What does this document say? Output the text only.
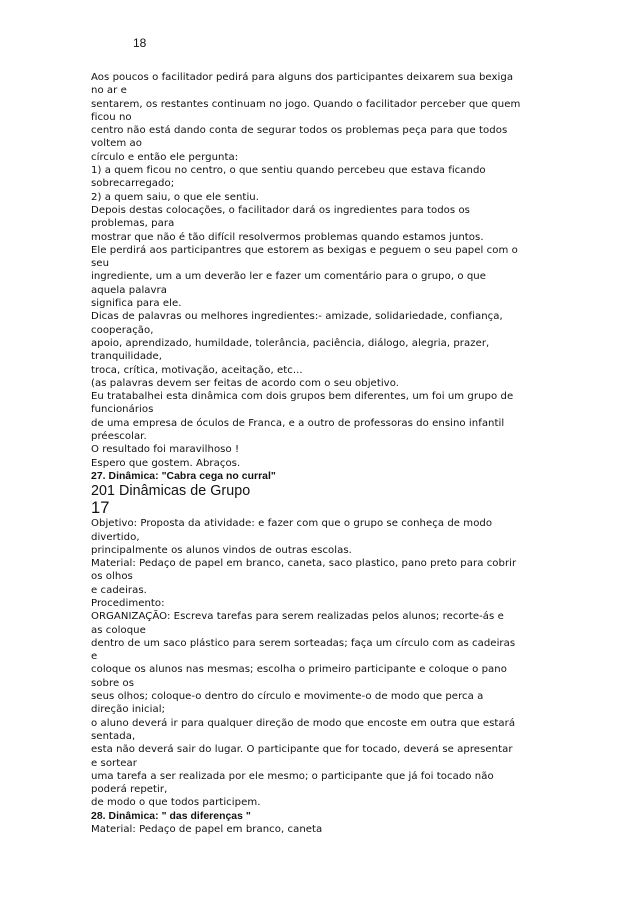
18
Aos poucos o facilitador pedirá para alguns dos participantes deixarem sua bexiga
no ar e
sentarem, os restantes continuam no jogo. Quando o facilitador perceber que quem
ficou no
centro não está dando conta de segurar todos os problemas peça para que todos
voltem ao
círculo e então ele pergunta:
1) a quem ficou no centro, o que sentiu quando percebeu que estava ficando
sobrecarregado;
2) a quem saiu, o que ele sentiu.
Depois destas colocações, o facilitador dará os ingredientes para todos os
problemas, para
mostrar que não é tão difícil resolvermos problemas quando estamos juntos.
Ele perdirá aos participantres que estorem as bexigas e peguem o seu papel com o
seu
ingrediente, um a um deverão ler e fazer um comentário para o grupo, o que
aquela palavra
significa para ele.
Dicas de palavras ou melhores ingredientes:- amizade, solidariedade, confiança,
cooperação,
apoio, aprendizado, humildade, tolerância, paciência, diálogo, alegria, prazer,
tranquilidade,
troca, crítica, motivação, aceitação, etc...
(as palavras devem ser feitas de acordo com o seu objetivo.
Eu tratabalhei esta dinâmica com dois grupos bem diferentes, um foi um grupo de
funcionários
de uma empresa de óculos de Franca, e a outro de professoras do ensino infantil
préescolar.
O resultado foi maravilhoso !
Espero que gostem. Abraços.
27. Dinâmica: "Cabra cega no curral"
201 Dinâmicas de Grupo
17
Objetivo: Proposta da atividade: e fazer com que o grupo se conheça de modo
divertido,
principalmente os alunos vindos de outras escolas.
Material: Pedaço de papel em branco, caneta, saco plastico, pano preto para cobrir
os olhos
e cadeiras.
Procedimento:
ORGANIZAÇÃO: Escreva tarefas para serem realizadas pelos alunos; recorte-ás e
as coloque
dentro de um saco plástico para serem sorteadas; faça um círculo com as cadeiras
e
coloque os alunos nas mesmas; escolha o primeiro participante e coloque o pano
sobre os
seus olhos; coloque-o dentro do círculo e movimente-o de modo que perca a
direção inicial;
o aluno deverá ir para qualquer direção de modo que encoste em outra que estará
sentada,
esta não deverá sair do lugar. O participante que for tocado, deverá se apresentar
e sortear
uma tarefa a ser realizada por ele mesmo; o participante que já foi tocado não
poderá repetir,
de modo o que todos participem.
28. Dinâmica: " das diferenças "
Material: Pedaço de papel em branco, caneta
